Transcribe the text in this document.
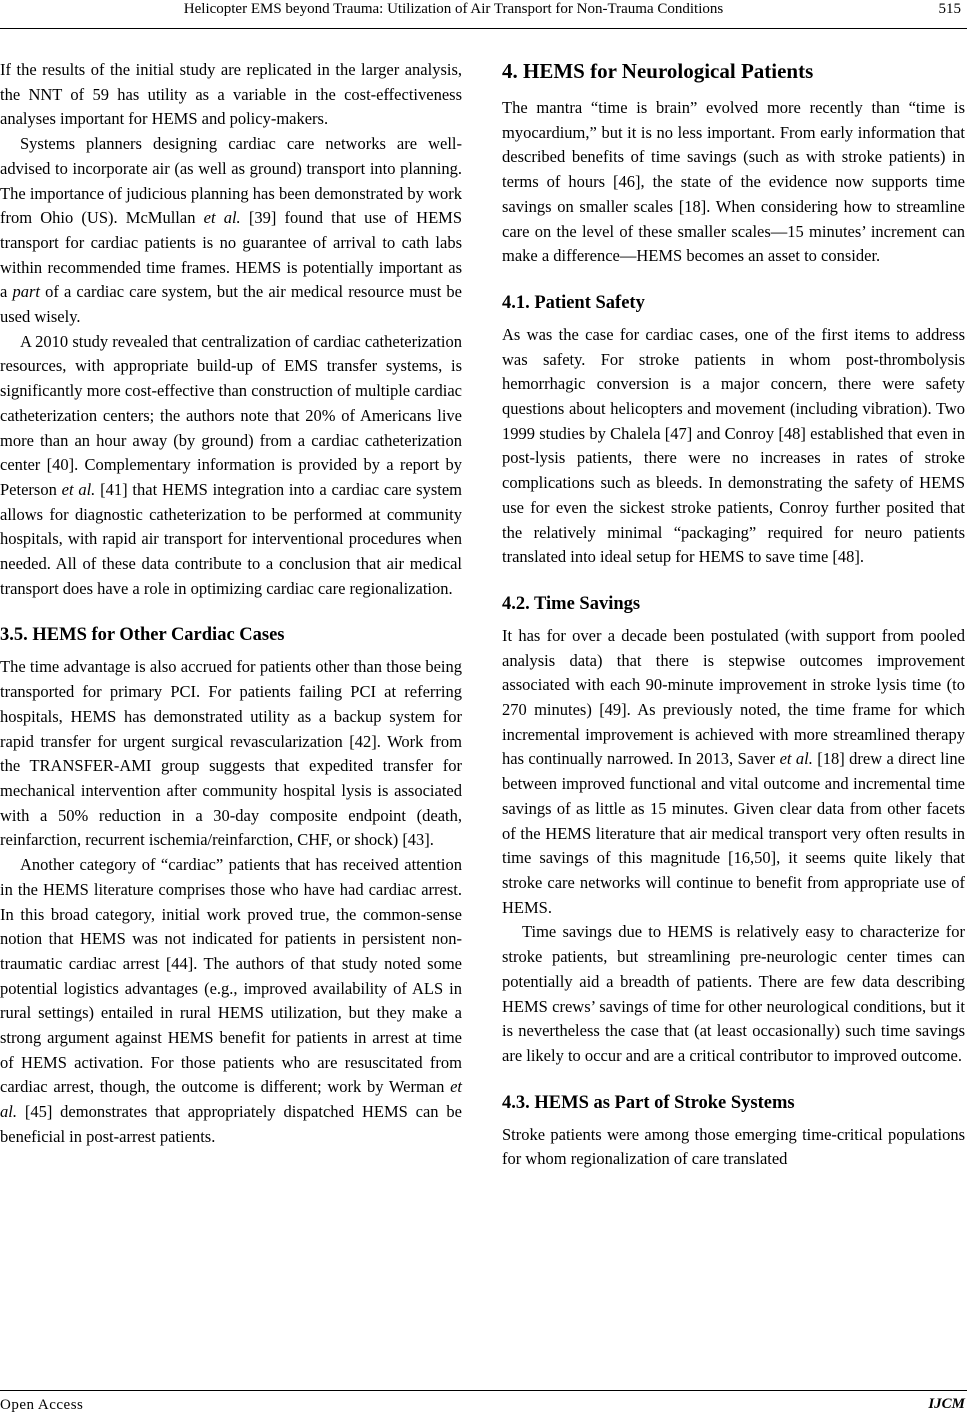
Helicopter EMS beyond Trauma: Utilization of Air Transport for Non-Trauma Conditions	515

If the results of the initial study are replicated in the larger analysis, the NNT of 59 has utility as a variable in the cost-effectiveness analyses important for HEMS and policy-makers.

Systems planners designing cardiac care networks are well-advised to incorporate air (as well as ground) transport into planning. The importance of judicious planning has been demonstrated by work from Ohio (US). McMullan et al. [39] found that use of HEMS transport for cardiac patients is no guarantee of arrival to cath labs within recommended time frames. HEMS is potentially important as a part of a cardiac care system, but the air medical resource must be used wisely.

A 2010 study revealed that centralization of cardiac catheterization resources, with appropriate build-up of EMS transfer systems, is significantly more cost-effective than construction of multiple cardiac catheterization centers; the authors note that 20% of Americans live more than an hour away (by ground) from a cardiac catheterization center [40]. Complementary information is provided by a report by Peterson et al. [41] that HEMS integration into a cardiac care system allows for diagnostic catheterization to be performed at community hospitals, with rapid air transport for interventional procedures when needed. All of these data contribute to a conclusion that air medical transport does have a role in optimizing cardiac care regionalization.

3.5. HEMS for Other Cardiac Cases

The time advantage is also accrued for patients other than those being transported for primary PCI. For patients failing PCI at referring hospitals, HEMS has demonstrated utility as a backup system for rapid transfer for urgent surgical revascularization [42]. Work from the TRANSFER-AMI group suggests that expedited transfer for mechanical intervention after community hospital lysis is associated with a 50% reduction in a 30-day composite endpoint (death, reinfarction, recurrent ischemia/reinfarction, CHF, or shock) [43].

Another category of “cardiac” patients that has received attention in the HEMS literature comprises those who have had cardiac arrest. In this broad category, initial work proved true, the common-sense notion that HEMS was not indicated for patients in persistent non-traumatic cardiac arrest [44]. The authors of that study noted some potential logistics advantages (e.g., improved availability of ALS in rural settings) entailed in rural HEMS utilization, but they make a strong argument against HEMS benefit for patients in arrest at time of HEMS activation. For those patients who are resuscitated from cardiac arrest, though, the outcome is different; work by Werman et al. [45] demonstrates that appropriately dispatched HEMS can be beneficial in post-arrest patients.

4. HEMS for Neurological Patients

The mantra “time is brain” evolved more recently than “time is myocardium,” but it is no less important. From early information that described benefits of time savings (such as with stroke patients) in terms of hours [46], the state of the evidence now supports time savings on smaller scales [18]. When considering how to streamline care on the level of these smaller scales—15 minutes’ increment can make a difference—HEMS becomes an asset to consider.

4.1. Patient Safety

As was the case for cardiac cases, one of the first items to address was safety. For stroke patients in whom post-thrombolysis hemorrhagic conversion is a major concern, there were safety questions about helicopters and movement (including vibration). Two 1999 studies by Chalela [47] and Conroy [48] established that even in post-lysis patients, there were no increases in rates of stroke complications such as bleeds. In demonstrating the safety of HEMS use for even the sickest stroke patients, Conroy further posited that the relatively minimal “packaging” required for neuro patients translated into ideal setup for HEMS to save time [48].

4.2. Time Savings

It has for over a decade been postulated (with support from pooled analysis data) that there is stepwise outcomes improvement associated with each 90-minute improvement in stroke lysis time (to 270 minutes) [49]. As previously noted, the time frame for which incremental improvement is achieved with more streamlined therapy has continually narrowed. In 2013, Saver et al. [18] drew a direct line between improved functional and vital outcome and incremental time savings of as little as 15 minutes. Given clear data from other facets of the HEMS literature that air medical transport very often results in time savings of this magnitude [16,50], it seems quite likely that stroke care networks will continue to benefit from appropriate use of HEMS.

Time savings due to HEMS is relatively easy to characterize for stroke patients, but streamlining pre-neurologic center times can potentially aid a breadth of patients. There are few data describing HEMS crews’ savings of time for other neurological conditions, but it is nevertheless the case that (at least occasionally) such time savings are likely to occur and are a critical contributor to improved outcome.

4.3. HEMS as Part of Stroke Systems

Stroke patients were among those emerging time-critical populations for whom regionalization of care translated

Open Access	IJCM
